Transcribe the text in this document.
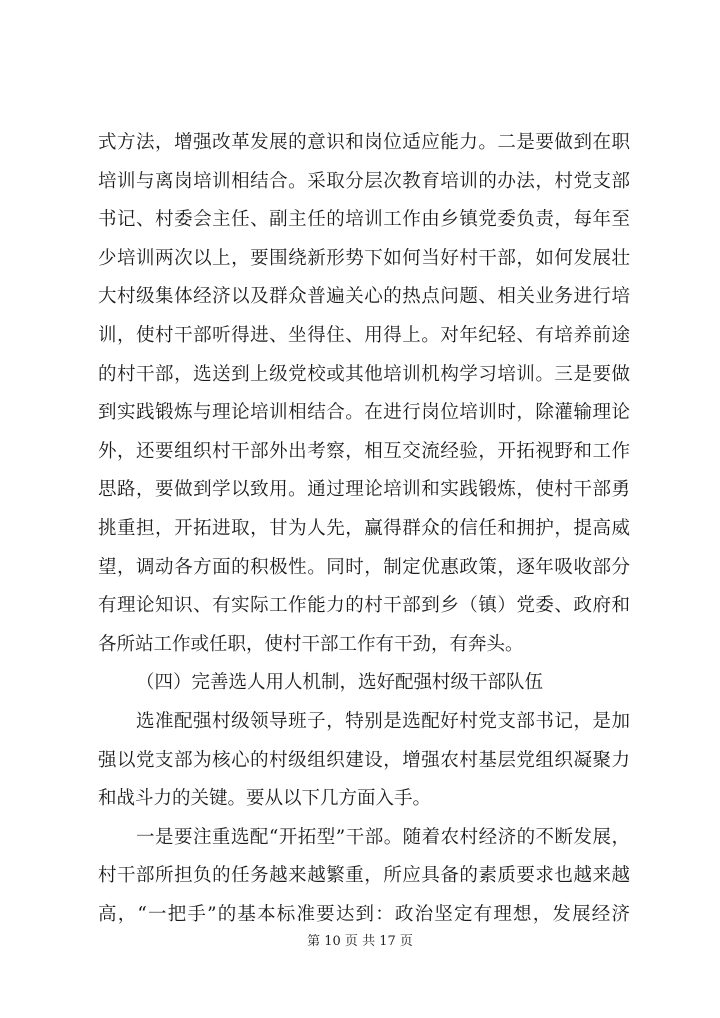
式方法，增强改革发展的意识和岗位适应能力。二是要做到在职
培训与离岗培训相结合。采取分层次教育培训的办法，村党支部
书记、村委会主任、副主任的培训工作由乡镇党委负责，每年至
少培训两次以上，要围绕新形势下如何当好村干部，如何发展壮
大村级集体经济以及群众普遍关心的热点问题、相关业务进行培
训，使村干部听得进、坐得住、用得上。对年纪轻、有培养前途
的村干部，选送到上级党校或其他培训机构学习培训。三是要做
到实践锻炼与理论培训相结合。在进行岗位培训时，除灌输理论
外，还要组织村干部外出考察，相互交流经验，开拓视野和工作
思路，要做到学以致用。通过理论培训和实践锻炼，使村干部勇
挑重担，开拓进取，甘为人先，赢得群众的信任和拥护，提高威
望，调动各方面的积极性。同时，制定优惠政策，逐年吸收部分
有理论知识、有实际工作能力的村干部到乡（镇）党委、政府和
各所站工作或任职，使村干部工作有干劲，有奔头。
（四）完善选人用人机制，选好配强村级干部队伍
选准配强村级领导班子，特别是选配好村党支部书记，是加
强以党支部为核心的村级组织建设，增强农村基层党组织凝聚力
和战斗力的关键。要从以下几方面入手。
一是要注重选配“开拓型”干部。随着农村经济的不断发展，
村干部所担负的任务越来越繁重，所应具备的素质要求也越来越
高，“一把手”的基本标准要达到：政治坚定有理想，发展经济
第 10 页 共 17 页
